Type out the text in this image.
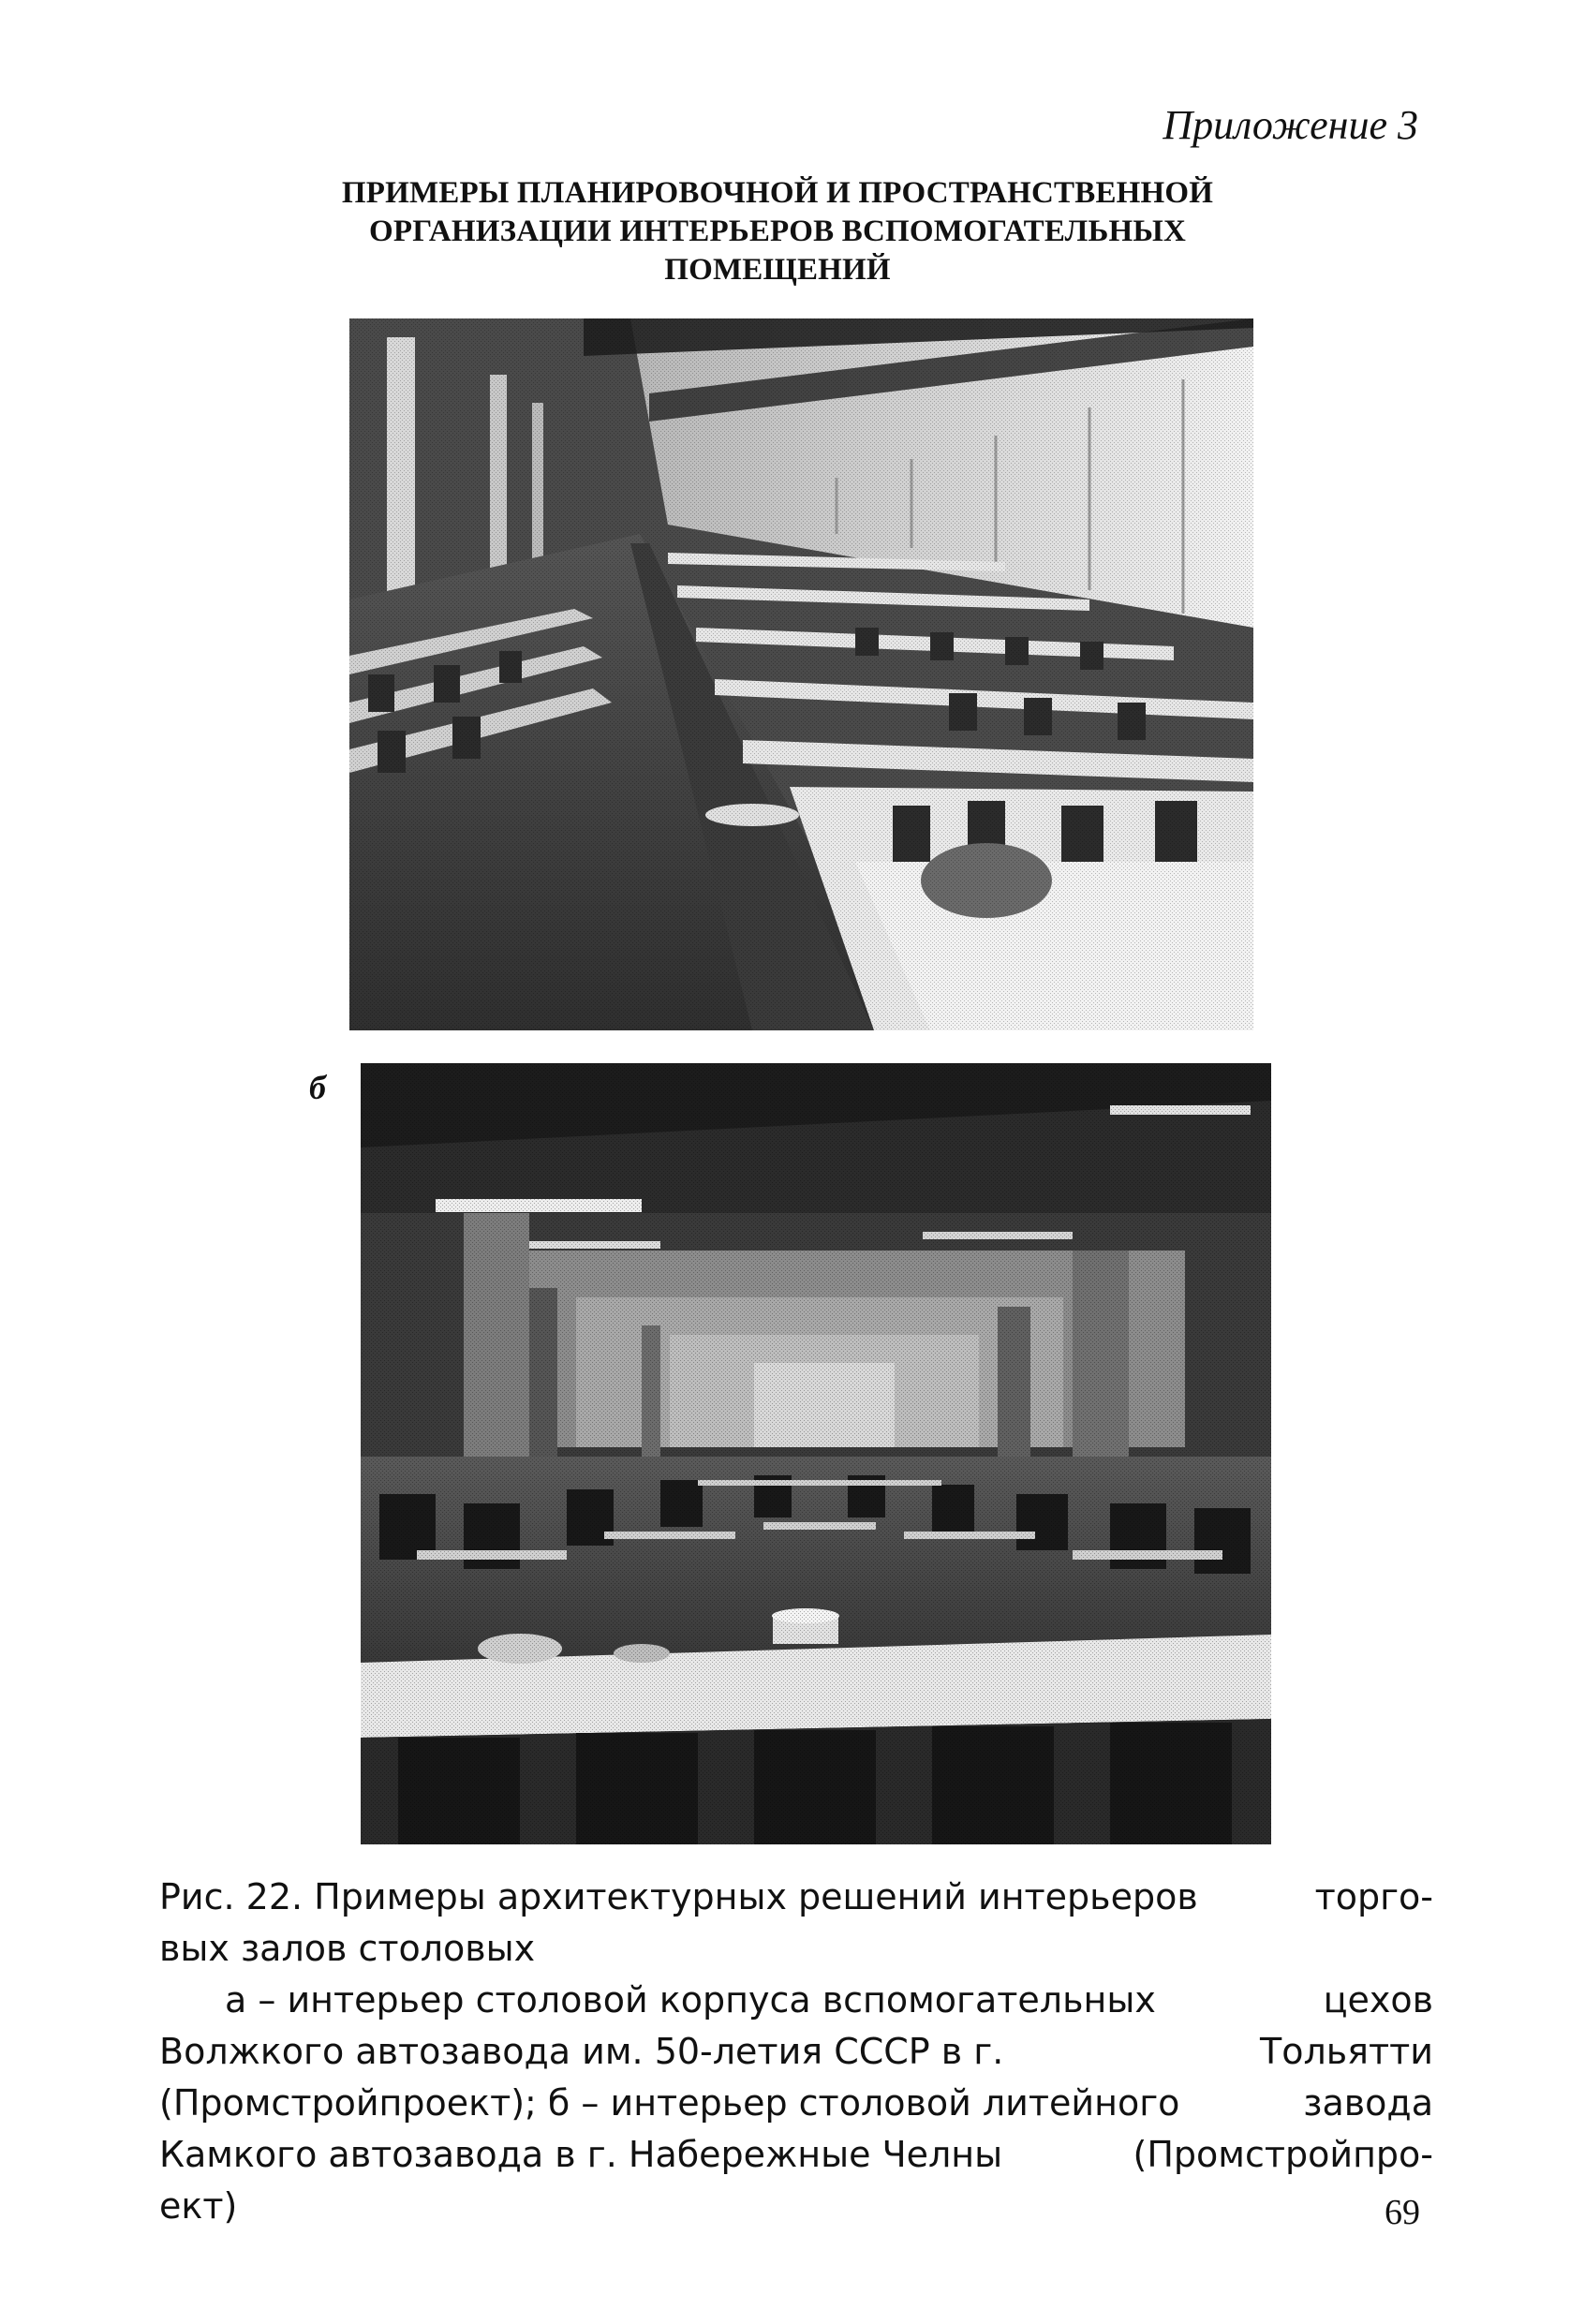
Приложение 3
ПРИМЕРЫ ПЛАНИРОВОЧНОЙ И ПРОСТРАНСТВЕННОЙ
ОРГАНИЗАЦИИ ИНТЕРЬЕРОВ ВСПОМОГАТЕЛЬНЫХ
ПОМЕЩЕНИЙ
б
Рис. 22. Примеры архитектурных решений интерьеров	торго-
вых залов столовых
а – интерьер столовой корпуса вспомогательных	цехов
Волжкого автозавода им. 50-летия СССР в г.	Тольятти
(Промстройпроект); б – интерьер столовой литейного	завода
Камкого автозавода в г. Набережные Челны	(Промстройпро-
ект)	69
